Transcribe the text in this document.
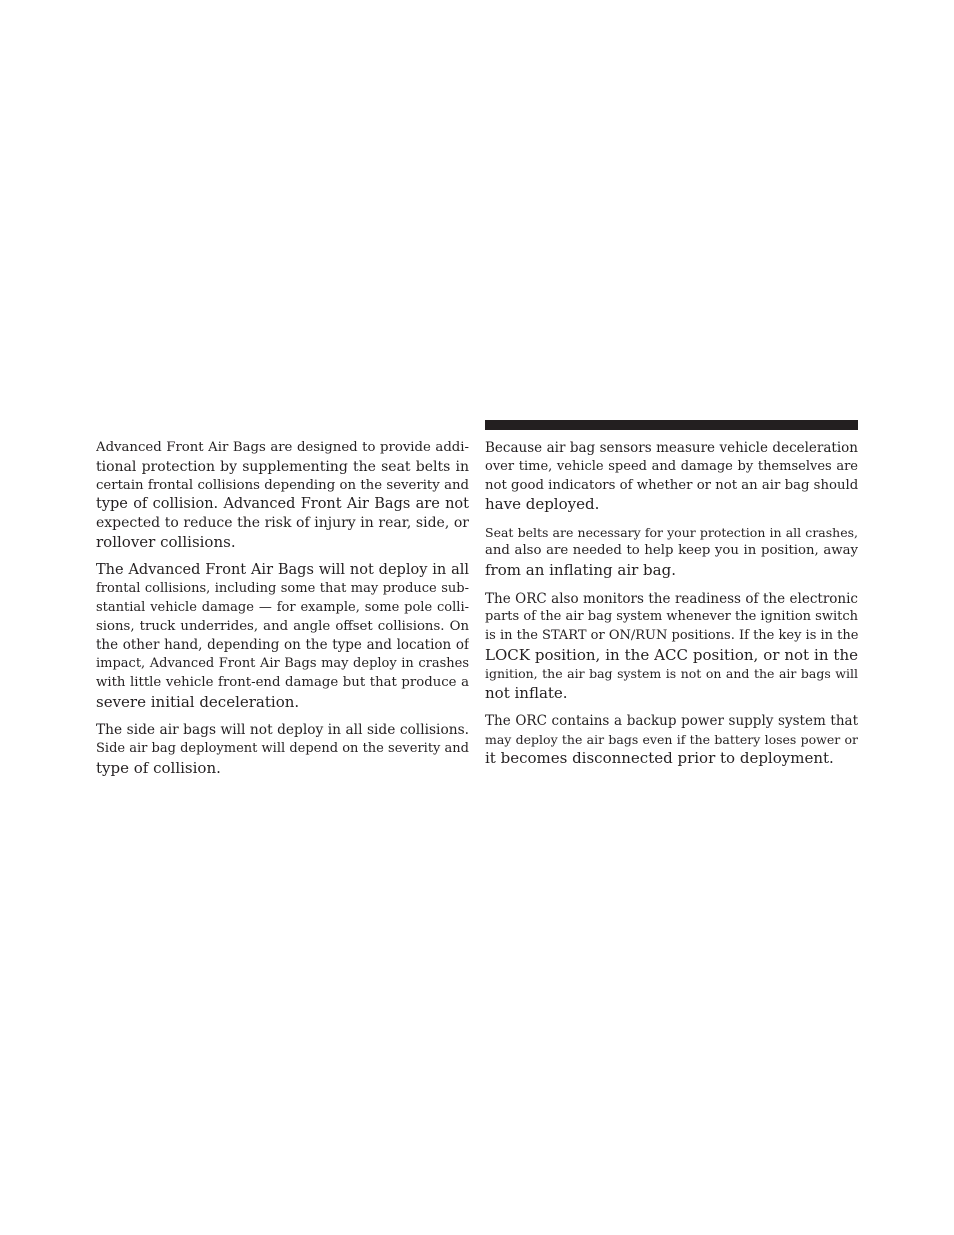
Advanced Front Air Bags are designed to provide addi-
tional protection by supplementing the seat belts in
certain frontal collisions depending on the severity and
type of collision. Advanced Front Air Bags are not
expected to reduce the risk of injury in rear, side, or
rollover collisions.

The Advanced Front Air Bags will not deploy in all
frontal collisions, including some that may produce sub-
stantial vehicle damage — for example, some pole colli-
sions, truck underrides, and angle offset collisions. On
the other hand, depending on the type and location of
impact, Advanced Front Air Bags may deploy in crashes
with little vehicle front-end damage but that produce a
severe initial deceleration.

The side air bags will not deploy in all side collisions.
Side air bag deployment will depend on the severity and
type of collision.

Because air bag sensors measure vehicle deceleration
over time, vehicle speed and damage by themselves are
not good indicators of whether or not an air bag should
have deployed.

Seat belts are necessary for your protection in all crashes,
and also are needed to help keep you in position, away
from an inflating air bag.

The ORC also monitors the readiness of the electronic
parts of the air bag system whenever the ignition switch
is in the START or ON/RUN positions. If the key is in the
LOCK position, in the ACC position, or not in the
ignition, the air bag system is not on and the air bags will
not inflate.

The ORC contains a backup power supply system that
may deploy the air bags even if the battery loses power or
it becomes disconnected prior to deployment.
